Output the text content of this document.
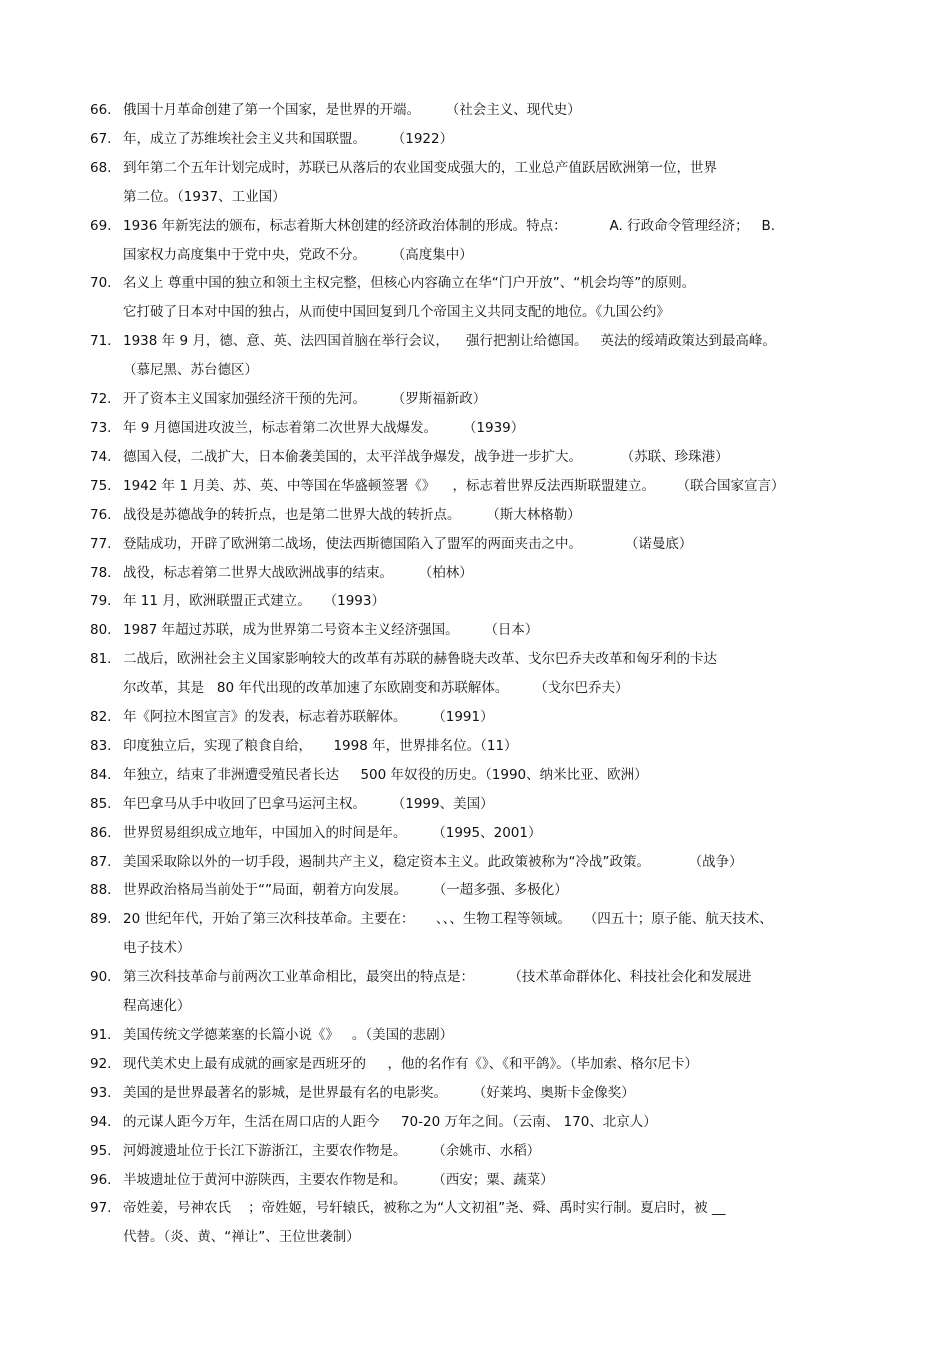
66. 俄国十月革命创建了第一个国家，是世界的开端。      （社会主义、现代史）
67. 年，成立了苏维埃社会主义共和国联盟。      （1922）
68. 到年第二个五年计划完成时，苏联已从落后的农业国变成强大的，工业总产值跃居欧洲第一位，世界
第二位。（1937、工业国）
69. 1936 年新宪法的颁布，标志着斯大林创建的经济政治体制的形成。特点：          A. 行政命令管理经济；   B.
国家权力高度集中于党中央，党政不分。      （高度集中）
70. 名义上 尊重中国的独立和领土主权完整，但核心内容确立在华“门户开放”、“机会均等”的原则。
它打破了日本对中国的独占，从而使中国回复到几个帝国主义共同支配的地位。《九国公约》
71. 1938 年 9 月，德、意、英、法四国首脑在举行会议，    强行把割让给德国。   英法的绥靖政策达到最高峰。
（慕尼黑、苏台德区）
72. 开了资本主义国家加强经济干预的先河。      （罗斯福新政）
73. 年 9 月德国进攻波兰，标志着第二次世界大战爆发。      （1939）
74. 德国入侵，二战扩大，日本偷袭美国的，太平洋战争爆发，战争进一步扩大。         （苏联、珍珠港）
75. 1942 年 1 月美、苏、英、中等国在华盛顿签署《》    ，标志着世界反法西斯联盟建立。     （联合国家宣言）
76. 战役是苏德战争的转折点，也是第二世界大战的转折点。      （斯大林格勒）
77. 登陆成功，开辟了欧洲第二战场，使法西斯德国陷入了盟军的两面夹击之中。          （诺曼底）
78. 战役，标志着第二世界大战欧洲战事的结束。      （柏林）
79. 年 11 月，欧洲联盟正式建立。   （1993）
80. 1987 年超过苏联，成为世界第二号资本主义经济强国。      （日本）
81. 二战后，欧洲社会主义国家影响较大的改革有苏联的赫鲁晓夫改革、戈尔巴乔夫改革和匈牙利的卡达
尔改革，其是   80 年代出现的改革加速了东欧剧变和苏联解体。      （戈尔巴乔夫）
82. 年《阿拉木图宣言》的发表，标志着苏联解体。      （1991）
83. 印度独立后，实现了粮食自给，     1998 年，世界排名位。（11）
84. 年独立，结束了非洲遭受殖民者长达     500 年奴役的历史。（1990、纳米比亚、欧洲）
85. 年巴拿马从手中收回了巴拿马运河主权。      （1999、美国）
86. 世界贸易组织成立地年，中国加入的时间是年。      （1995、2001）
87. 美国采取除以外的一切手段，遏制共产主义，稳定资本主义。此政策被称为“冷战”政策。         （战争）
88. 世界政治格局当前处于“”局面，朝着方向发展。      （一超多强、多极化）
89. 20 世纪年代，开始了第三次科技革命。主要在：     、、、生物工程等领域。   （四五十；原子能、航天技术、
电子技术）
90. 第三次科技革命与前两次工业革命相比，最突出的特点是：        （技术革命群体化、科技社会化和发展进
程高速化）
91. 美国传统文学德莱塞的长篇小说《》   。（美国的悲剧）
92. 现代美术史上最有成就的画家是西班牙的     ，他的名作有《》、《和平鸽》。（毕加索、格尔尼卡）
93. 美国的是世界最著名的影城，是世界最有名的电影奖。      （好莱坞、奥斯卡金像奖）
94. 的元谋人距今万年，生活在周口店的人距今     70-20 万年之间。（云南、 170、北京人）
95. 河姆渡遗址位于长江下游浙江，主要农作物是。      （余姚市、水稻）
96. 半坡遗址位于黄河中游陕西，主要农作物是和。      （西安；粟、蔬菜）
97. 帝姓姜，号神农氏    ；帝姓姬，号轩辕氏，被称之为“人文初祖”尧、舜、禹时实行制。夏启时，被 __
代替。（炎、黄、“禅让”、王位世袭制）
